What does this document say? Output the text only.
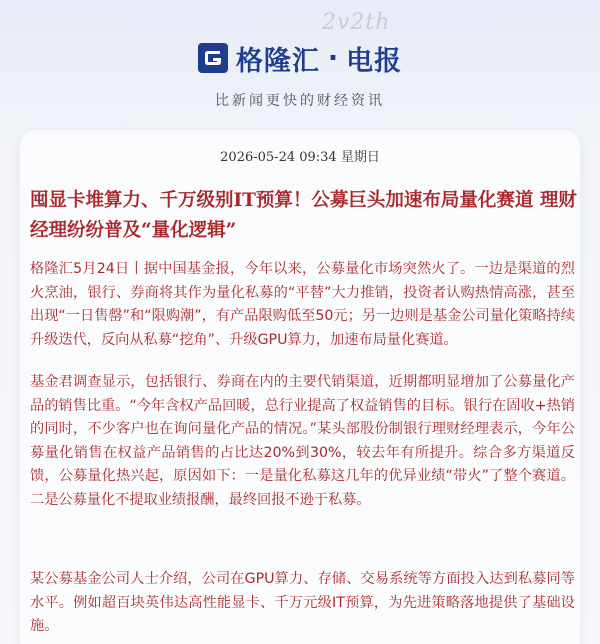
2v2th
格隆汇 · 电报
比新闻更快的财经资讯
2026-05-24 09:34 星期日
囤显卡堆算力、千万级别IT预算！公募巨头加速布局量化赛道 理财经理纷纷普及“量化逻辑”
格隆汇5月24日丨据中国基金报，今年以来，公募量化市场突然火了。一边是渠道的烈火烹油，银行、券商将其作为量化私募的“平替”大力推销，投资者认购热情高涨，甚至出现“一日售罄”和“限购潮”，有产品限购低至50元；另一边则是基金公司量化策略持续升级迭代，反向从私募“挖角”、升级GPU算力，加速布局量化赛道。
基金君调查显示，包括银行、券商在内的主要代销渠道，近期都明显增加了公募量化产品的销售比重。“今年含权产品回暖，总行业提高了权益销售的目标。银行在固收+热销的同时，不少客户也在询问量化产品的情况。”某头部股份制银行理财经理表示，今年公募量化销售在权益产品销售的占比达20%到30%，较去年有所提升。综合多方渠道反馈，公募量化热兴起，原因如下：一是量化私募这几年的优异业绩“带火”了整个赛道。二是公募量化不提取业绩报酬，最终回报不逊于私募。
某公募基金公司人士介绍，公司在GPU算力、存储、交易系统等方面投入达到私募同等水平。例如超百块英伟达高性能显卡、千万元级IT预算，为先进策略落地提供了基础设施。
